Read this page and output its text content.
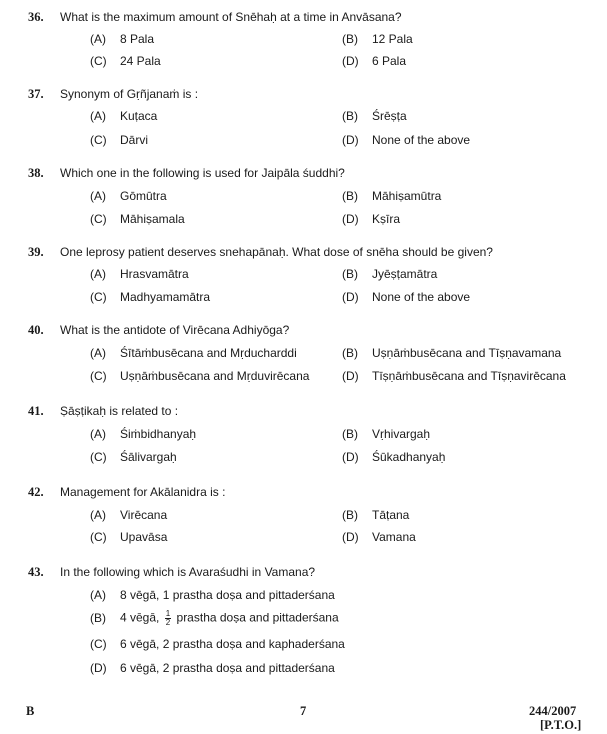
36. What is the maximum amount of Snēhaḥ at a time in Anvāsana?
(A) 8 Pala	(B) 12 Pala
(C) 24 Pala	(D) 6 Pala
37. Synonym of Gṛñjanaṁ is :
(A) Kuṭaca	(B) Śrēṣṭa
(C) Dārvi	(D) None of the above
38. Which one in the following is used for Jaipāla śuddhi?
(A) Gōmūtra	(B) Māhiṣamūtra
(C) Māhiṣamala	(D) Kṣīra
39. One leprosy patient deserves snehapānaḥ. What dose of snēha should be given?
(A) Hrasvamātra	(B) Jyēṣṭamātra
(C) Madhyamamātra	(D) None of the above
40. What is the antidote of Virēcana Adhiyōga?
(A) Śītāṁbusēcana and Mṛducharddi	(B) Uṣṇāṁbusēcana and Tīṣṇavamana
(C) Uṣṇāṁbusēcana and Mṛduvirēcana	(D) Tīṣṇāṁbusēcana and Tīṣṇavirēcana
41. Ṣāṣṭikaḥ is related to :
(A) Śiṁbidhanyaḥ	(B) Vṛhivargaḥ
(C) Śālivargaḥ	(D) Śūkadhanyaḥ
42. Management for Akālanidra is :
(A) Virēcana	(B) Tāṭana
(C) Upavāsa	(D) Vamana
43. In the following which is Avaraśudhi in Vamana?
(A) 8 vēgā, 1 prastha doṣa and pittaderśana
(B) 4 vēgā, $\frac{1}{2}$ prastha doṣa and pittaderśana
(C) 6 vēgā, 2 prastha doṣa and kaphaderśana
(D) 6 vēgā, 2 prastha doṣa and pittaderśana
B	7	244/2007
[P.T.O.]
